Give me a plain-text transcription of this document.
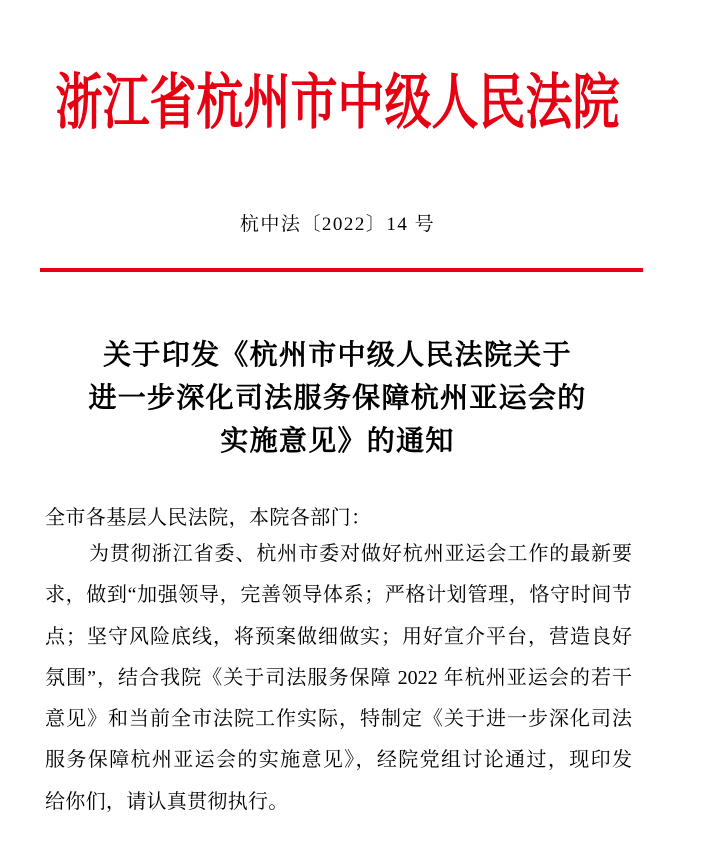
浙江省杭州市中级人民法院
杭中法〔2022〕14 号
关于印发《杭州市中级人民法院关于
进一步深化司法服务保障杭州亚运会的
实施意见》的通知
全市各基层人民法院，本院各部门：
为贯彻浙江省委、杭州市委对做好杭州亚运会工作的最新要
求，做到“加强领导，完善领导体系；严格计划管理，恪守时间节
点；坚守风险底线，将预案做细做实；用好宣介平台，营造良好
氛围”，结合我院《关于司法服务保障 2022 年杭州亚运会的若干
意见》和当前全市法院工作实际，特制定《关于进一步深化司法
服务保障杭州亚运会的实施意见》，经院党组讨论通过，现印发
给你们，请认真贯彻执行。
